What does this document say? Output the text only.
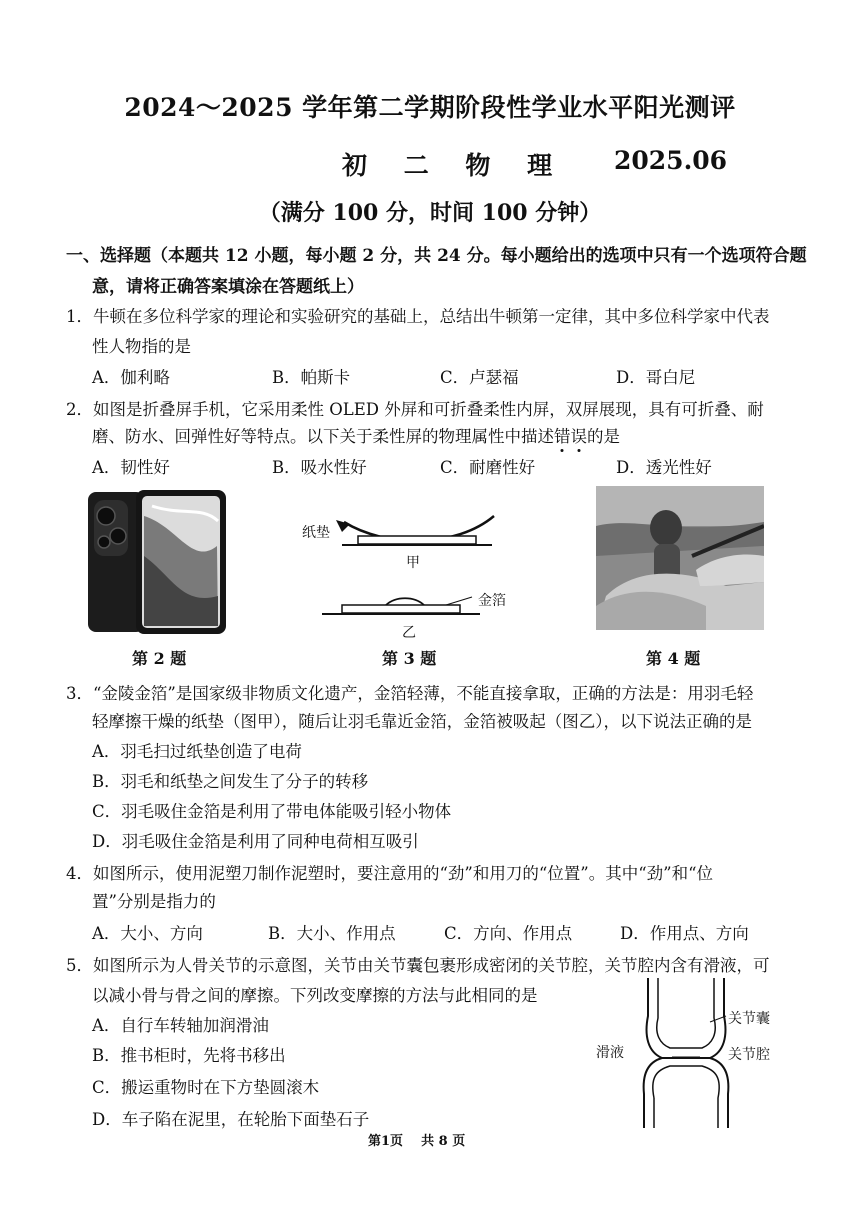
2024～2025 学年第二学期阶段性学业水平阳光测评
初 二 物 理 2025.06
（满分 100 分，时间 100 分钟）
一、选择题（本题共 12 小题，每小题 2 分，共 24 分。每小题给出的选项中只有一个选项符合题
意，请将正确答案填涂在答题纸上）
1．牛顿在多位科学家的理论和实验研究的基础上，总结出牛顿第一定律，其中多位科学家中代表
性人物指的是
A．伽利略	B．帕斯卡	C．卢瑟福	D．哥白尼
2．如图是折叠屏手机，它采用柔性 OLED 外屏和可折叠柔性内屏，双屏展现，具有可折叠、耐
磨、防水、回弹性好等特点。以下关于柔性屏的物理属性中描述错误的是
A．韧性好	B．吸水性好	C．耐磨性好	D．透光性好
第 2 题
纸垫
甲
金箔
乙
第 3 题	第 4 题
3．“金陵金箔”是国家级非物质文化遗产，金箔轻薄，不能直接拿取，正确的方法是：用羽毛轻
轻摩擦干燥的纸垫（图甲），随后让羽毛靠近金箔，金箔被吸起（图乙），以下说法正确的是
A．羽毛扫过纸垫创造了电荷
B．羽毛和纸垫之间发生了分子的转移
C．羽毛吸住金箔是利用了带电体能吸引轻小物体
D．羽毛吸住金箔是利用了同种电荷相互吸引
4．如图所示，使用泥塑刀制作泥塑时，要注意用的“劲”和用刀的“位置”。其中“劲”和“位
置”分别是指力的
A．大小、方向	B．大小、作用点	C．方向、作用点	D．作用点、方向
5．如图所示为人骨关节的示意图，关节由关节囊包裹形成密闭的关节腔，关节腔内含有滑液，可
以减小骨与骨之间的摩擦。下列改变摩擦的方法与此相同的是
A．自行车转轴加润滑油
B．推书柜时，先将书移出
C．搬运重物时在下方垫圆滚木
D．车子陷在泥里，在轮胎下面垫石子
关节囊
滑液	关节腔
第1页 共 8 页
